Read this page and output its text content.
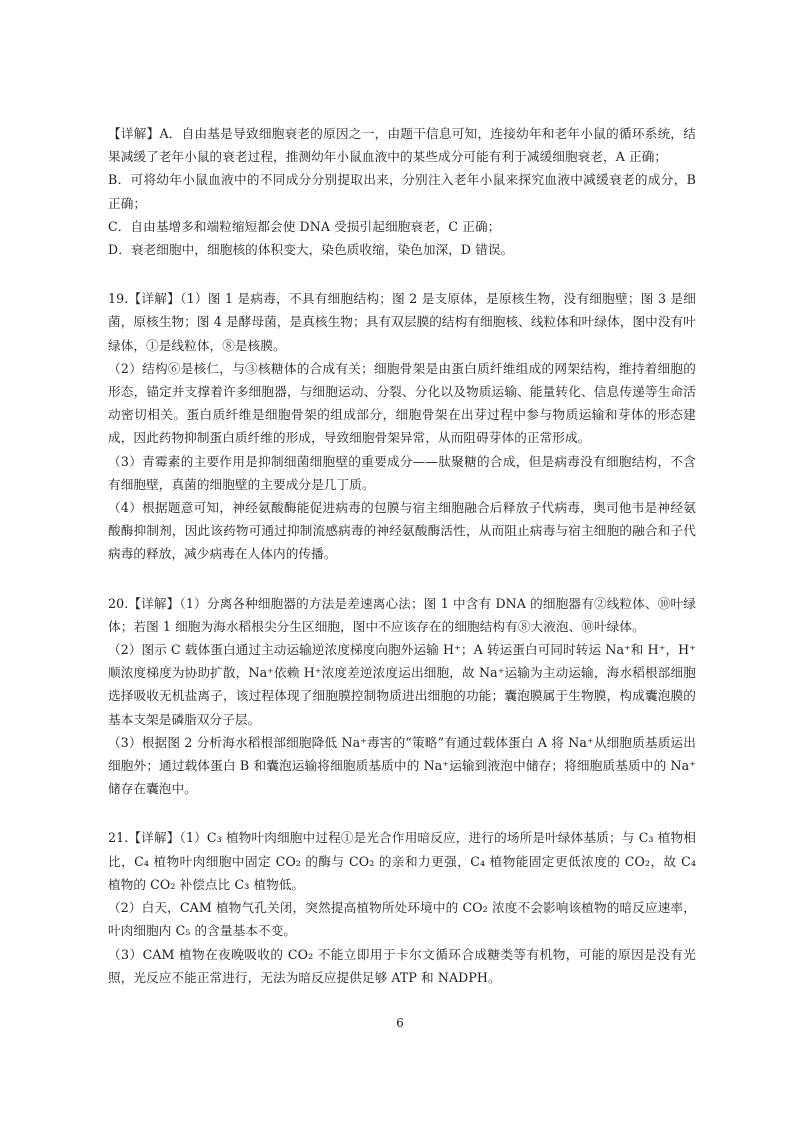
【详解】A．自由基是导致细胞衰老的原因之一，由题干信息可知，连接幼年和老年小鼠的循环系统，结果减缓了老年小鼠的衰老过程，推测幼年小鼠血液中的某些成分可能有利于减缓细胞衰老，A 正确；

B．可将幼年小鼠血液中的不同成分分别提取出来，分别注入老年小鼠来探究血液中减缓衰老的成分，B 正确；

C．自由基增多和端粒缩短都会使 DNA 受损引起细胞衰老，C 正确；

D．衰老细胞中，细胞核的体积变大，染色质收缩，染色加深，D 错误。

19.【详解】（1）图 1 是病毒，不具有细胞结构；图 2 是支原体，是原核生物，没有细胞壁；图 3 是细菌，原核生物；图 4 是酵母菌，是真核生物；具有双层膜的结构有细胞核、线粒体和叶绿体，图中没有叶绿体，①是线粒体，⑧是核膜。

（2）结构⑥是核仁，与③核糖体的合成有关；细胞骨架是由蛋白质纤维组成的网架结构，维持着细胞的形态，锚定并支撑着许多细胞器，与细胞运动、分裂、分化以及物质运输、能量转化、信息传递等生命活动密切相关。蛋白质纤维是细胞骨架的组成部分，细胞骨架在出芽过程中参与物质运输和芽体的形态建成，因此药物抑制蛋白质纤维的形成，导致细胞骨架异常，从而阻碍芽体的正常形成。

（3）青霉素的主要作用是抑制细菌细胞壁的重要成分——肽聚糖的合成，但是病毒没有细胞结构，不含有细胞壁，真菌的细胞壁的主要成分是几丁质。

（4）根据题意可知，神经氨酸酶能促进病毒的包膜与宿主细胞融合后释放子代病毒，奥司他韦是神经氨酸酶抑制剂，因此该药物可通过抑制流感病毒的神经氨酸酶活性，从而阻止病毒与宿主细胞的融合和子代病毒的释放，减少病毒在人体内的传播。

20.【详解】（1）分离各种细胞器的方法是差速离心法；图 1 中含有 DNA 的细胞器有②线粒体、⑩叶绿体；若图 1 细胞为海水稻根尖分生区细胞，图中不应该存在的细胞结构有⑧大液泡、⑩叶绿体。

（2）图示 C 载体蛋白通过主动运输逆浓度梯度向胞外运输 H⁺；A 转运蛋白可同时转运 Na⁺和 H⁺，H⁺顺浓度梯度为协助扩散，Na⁺依赖 H⁺浓度差逆浓度运出细胞，故 Na⁺运输为主动运输，海水稻根部细胞选择吸收无机盐离子，该过程体现了细胞膜控制物质进出细胞的功能；囊泡膜属于生物膜，构成囊泡膜的基本支架是磷脂双分子层。

（3）根据图 2 分析海水稻根部细胞降低 Na⁺毒害的“策略”有通过载体蛋白 A 将 Na⁺从细胞质基质运出细胞外；通过载体蛋白 B 和囊泡运输将细胞质基质中的 Na⁺运输到液泡中储存；将细胞质基质中的 Na⁺储存在囊泡中。

21.【详解】（1）C₃ 植物叶肉细胞中过程①是光合作用暗反应，进行的场所是叶绿体基质；与 C₃ 植物相比，C₄ 植物叶肉细胞中固定 CO₂ 的酶与 CO₂ 的亲和力更强，C₄ 植物能固定更低浓度的 CO₂，故 C₄ 植物的 CO₂ 补偿点比 C₃ 植物低。

（2）白天，CAM 植物气孔关闭，突然提高植物所处环境中的 CO₂ 浓度不会影响该植物的暗反应速率，叶肉细胞内 C₅ 的含量基本不变。

（3）CAM 植物在夜晚吸收的 CO₂ 不能立即用于卡尔文循环合成糖类等有机物，可能的原因是没有光照，光反应不能正常进行，无法为暗反应提供足够 ATP 和 NADPH。

6
